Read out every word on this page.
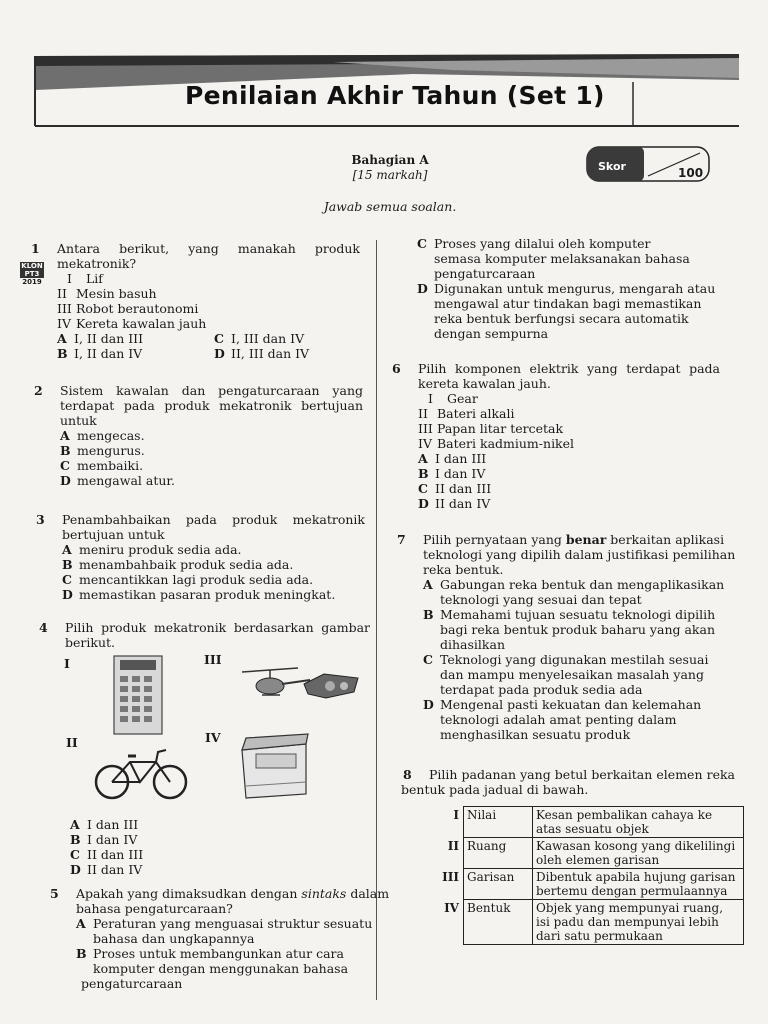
Penilaian Akhir Tahun (Set 1)
Bahagian A
[15 markah]
Skor	100
Jawab semua soalan.
KLON
PT3
2019
1 Antara berikut, yang manakah produk
mekatronik?
I Lif
II Mesin basuh
III Robot berautonomi
IV Kereta kawalan jauh
A I, II dan III	C I, III dan IV
B I, II dan IV	D II, III dan IV
2 Sistem kawalan dan pengaturcaraan yang
terdapat pada produk mekatronik bertujuan
untuk
A mengecas.
B mengurus.
C membaiki.
D mengawal atur.
3 Penambahbaikan pada produk mekatronik
bertujuan untuk
A meniru produk sedia ada.
B menambahbaik produk sedia ada.
C mencantikkan lagi produk sedia ada.
D memastikan pasaran produk meningkat.
4 Pilih produk mekatronik berdasarkan gambar
berikut.
I
II
III
IV
A I dan III
B I dan IV
C II dan III
D II dan IV
5 Apakah yang dimaksudkan dengan sintaks dalam
bahasa pengaturcaraan?
A Peraturan yang menguasai struktur sesuatu
bahasa dan ungkapannya
B Proses untuk membangunkan atur cara
komputer dengan menggunakan bahasa
pengaturcaraan
C Proses yang dilalui oleh komputer
semasa komputer melaksanakan bahasa
pengaturcaraan
D Digunakan untuk mengurus, mengarah atau
mengawal atur tindakan bagi memastikan
reka bentuk berfungsi secara automatik
dengan sempurna
6 Pilih komponen elektrik yang terdapat pada
kereta kawalan jauh.
I Gear
II Bateri alkali
III Papan litar tercetak
IV Bateri kadmium-nikel
A I dan III
B I dan IV
C II dan III
D II dan IV
7 Pilih pernyataan yang benar berkaitan aplikasi
teknologi yang dipilih dalam justifikasi pemilihan
reka bentuk.
A Gabungan reka bentuk dan mengaplikasikan
teknologi yang sesuai dan tepat
B Memahami tujuan sesuatu teknologi dipilih
bagi reka bentuk produk baharu yang akan
dihasilkan
C Teknologi yang digunakan mestilah sesuai
dan mampu menyelesaikan masalah yang
terdapat pada produk sedia ada
D Mengenal pasti kekuatan dan kelemahan
teknologi adalah amat penting dalam
menghasilkan sesuatu produk
8 Pilih padanan yang betul berkaitan elemen reka
bentuk pada jadual di bawah.
I	Nilai	Kesan pembalikan cahaya ke atas sesuatu objek
II	Ruang	Kawasan kosong yang dikelilingi oleh elemen garisan
III	Garisan	Dibentuk apabila hujung garisan bertemu dengan permulaannya
IV	Bentuk	Objek yang mempunyai ruang, isi padu dan mempunyai lebih dari satu permukaan
